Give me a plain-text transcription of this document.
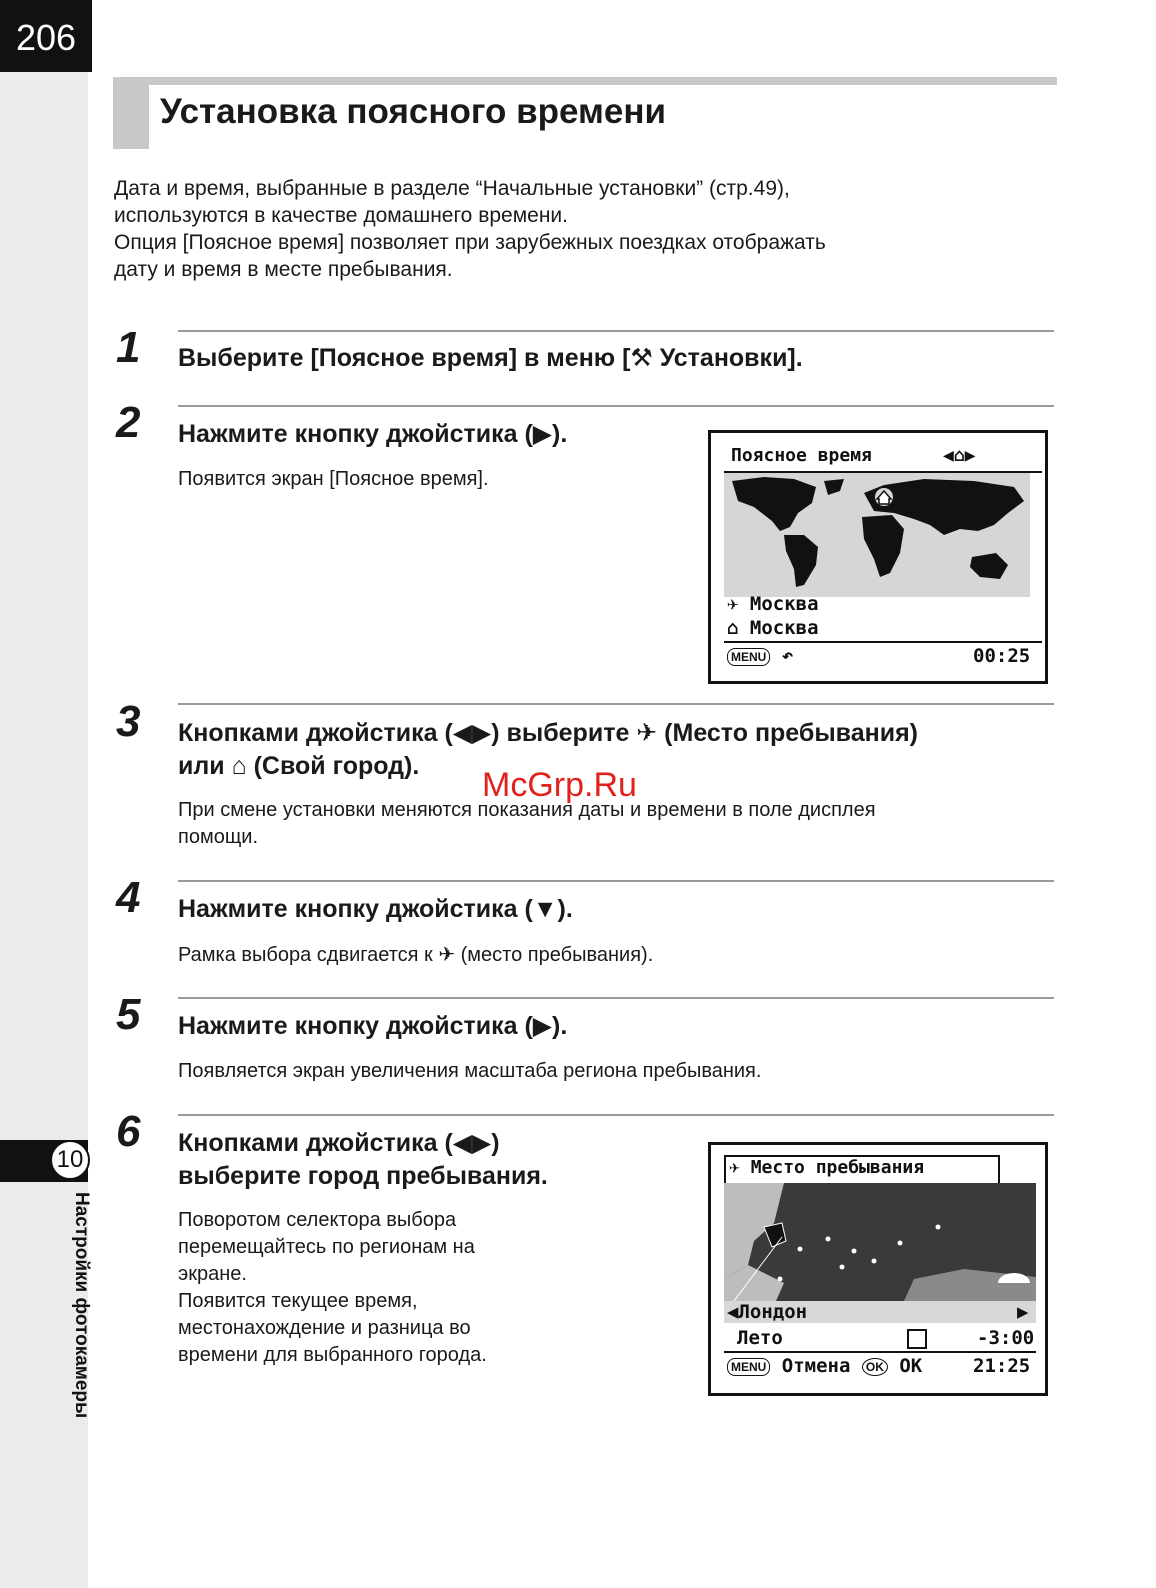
206
10
Настройки фотокамеры
Установка поясного времени

Дата и время, выбранные в разделе “Начальные установки” (стр.49),

используются в качестве домашнего времени.

Опция [Поясное время] позволяет при зарубежных поездках отображать

дату и время в месте пребывания.

1 Выберите [Поясное время] в меню [⚒ Установки].
2 Нажмите кнопку джойстика (▶).

Появится экран [Поясное время].

Поясное время	◀⌂▶
✈ Москва
⌂ Москва
MENU ↶	00:25
3 Кнопками джойстика (◀▶) выберите ✈ (Место пребывания)
или ⌂ (Свой город).

При смене установки меняются показания даты и времени в поле дисплея

помощи.

McGrp.Ru
4 Нажмите кнопку джойстика (▼).

Рамка выбора сдвигается к ✈ (место пребывания).

5 Нажмите кнопку джойстика (▶).

Появляется экран увеличения масштаба региона пребывания.

6 Кнопками джойстика (◀▶)
выберите город пребывания.

Поворотом селектора выбора

перемещайтесь по регионам на

экране.

Появится текущее время,

местонахождение и разница во

времени для выбранного города.

✈ Место пребывания
◀Лондон	▶
Лето	-3:00
MENU Отмена OK OK	21:25
